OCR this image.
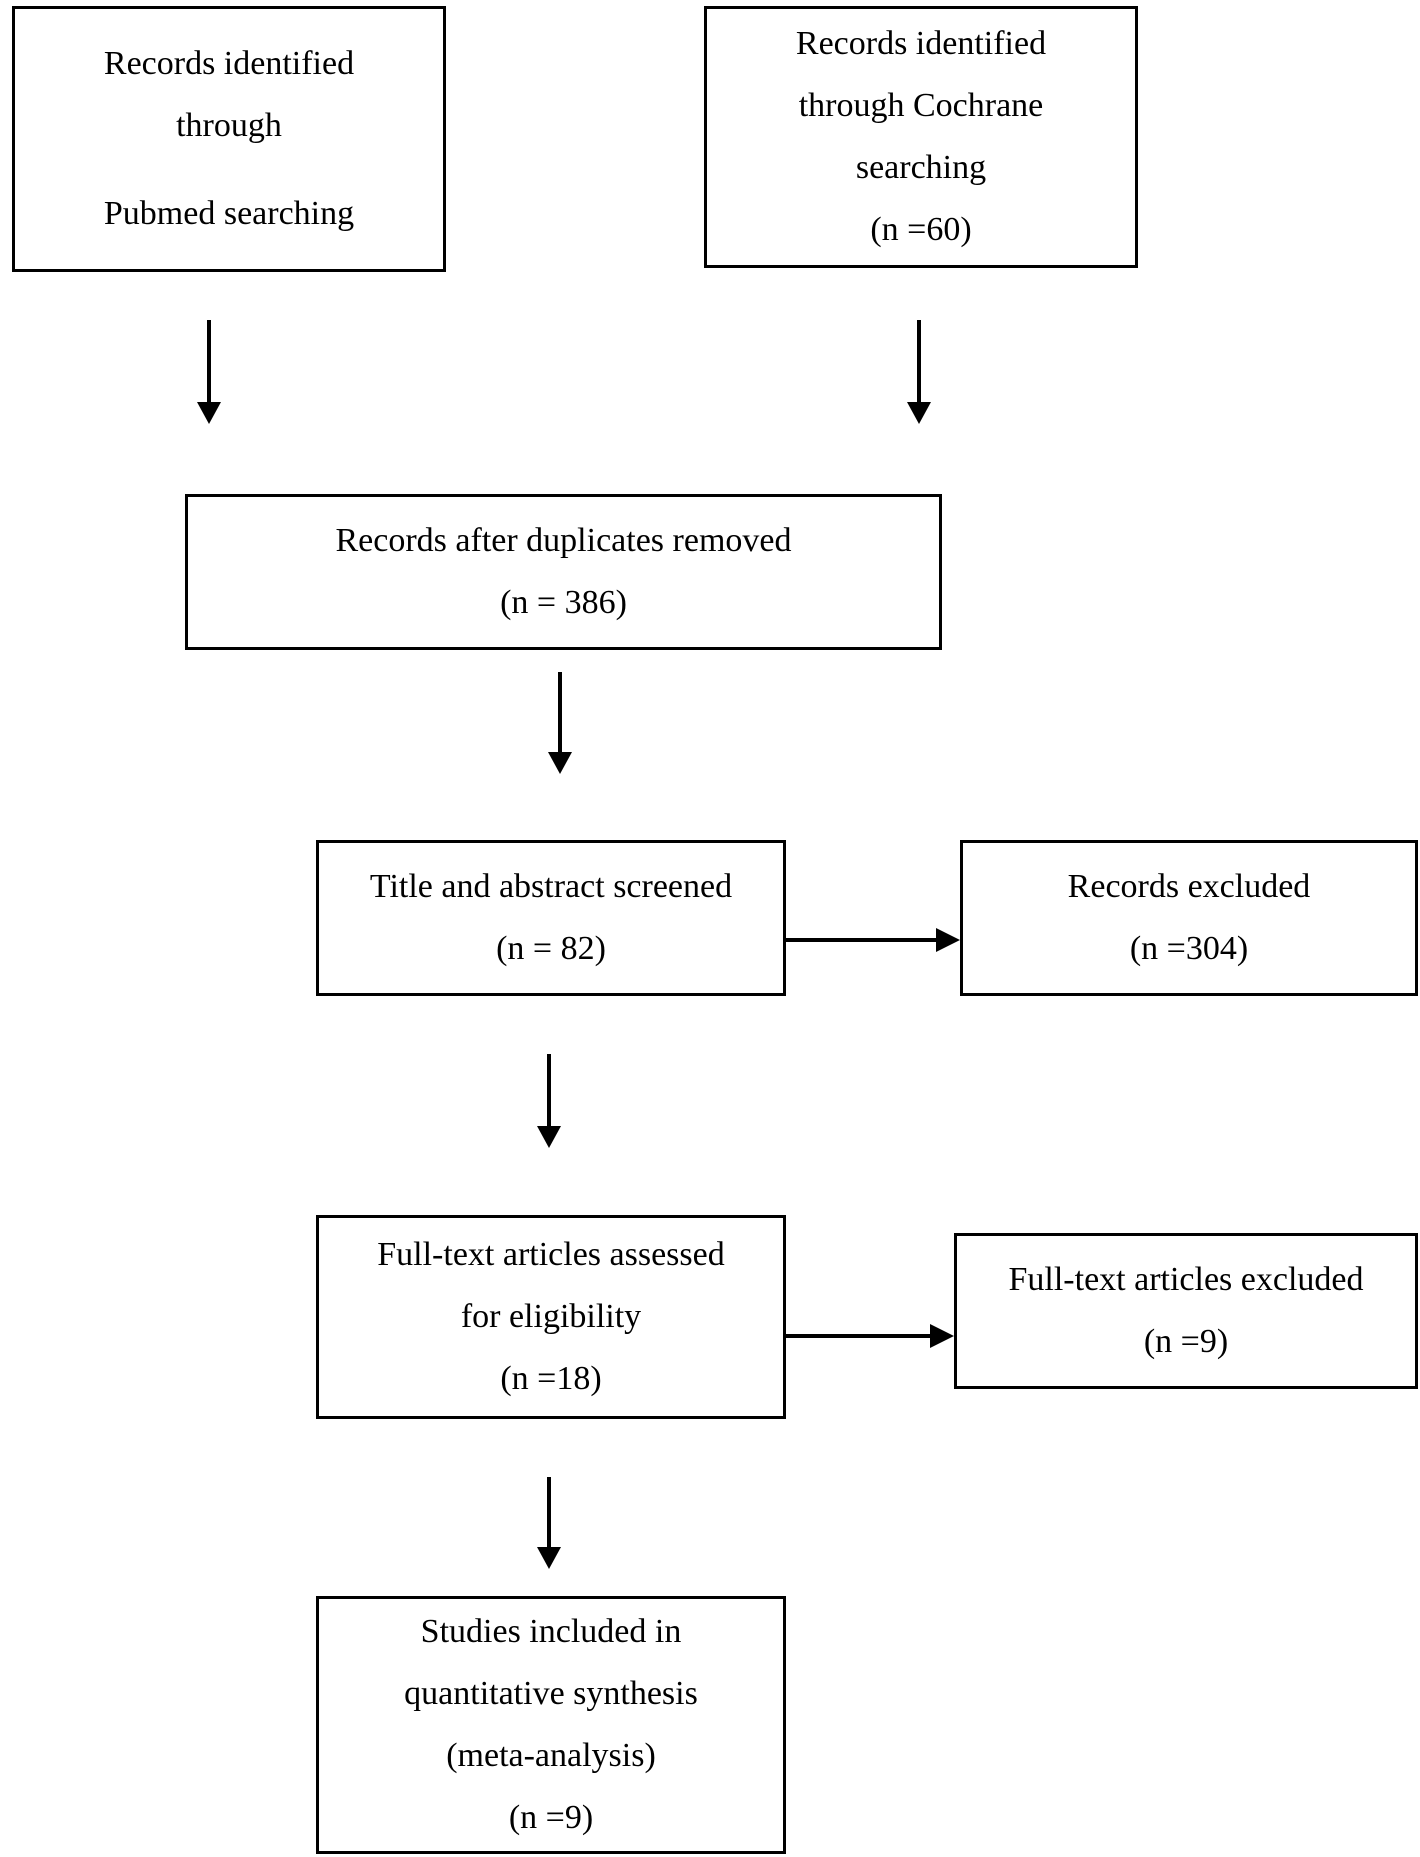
Records identified
through
Pubmed searching
Records identified
through Cochrane
searching
(n =60)
Records after duplicates removed
(n = 386)
Title and abstract screened
(n = 82)
Records excluded
(n =304)
Full-text articles assessed
for eligibility
(n =18)
Full-text articles excluded
(n =9)
Studies included in
quantitative synthesis
(meta-analysis)
(n =9)
